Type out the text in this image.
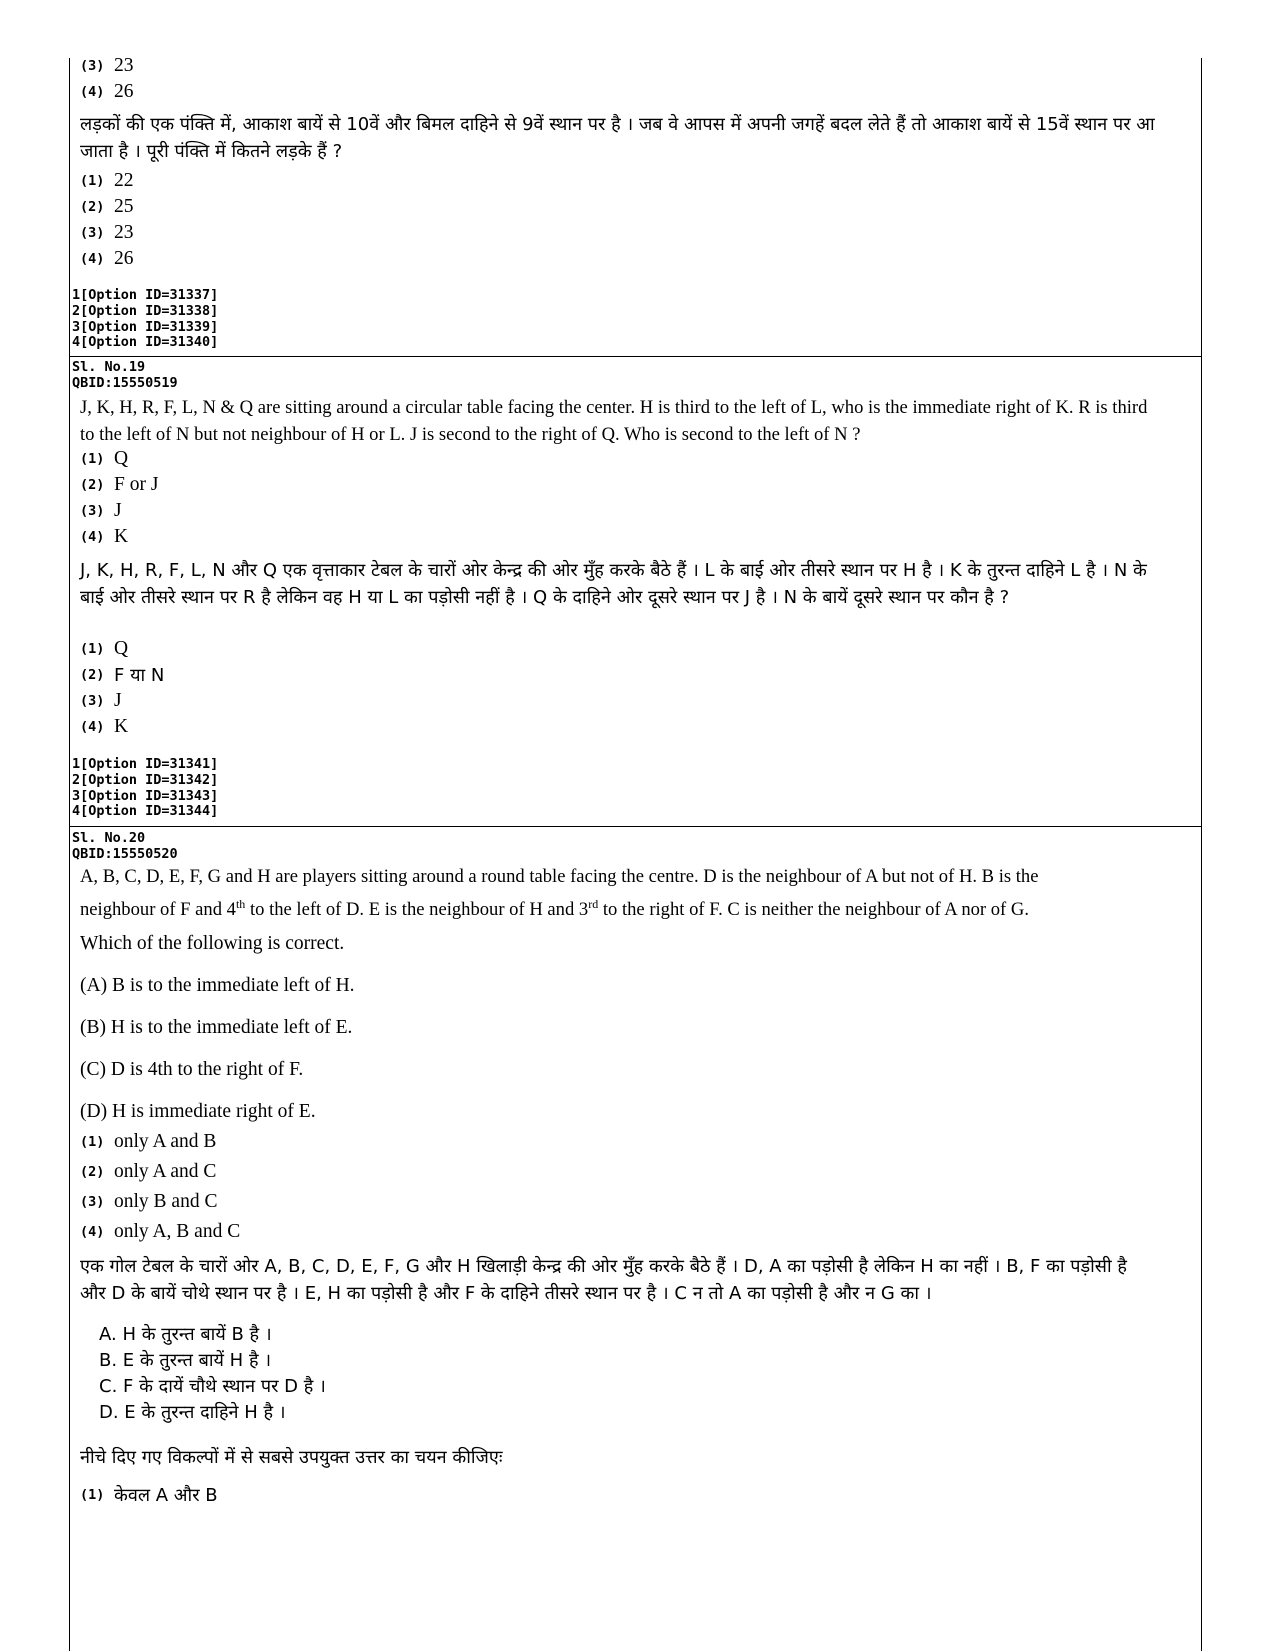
(3) 23
(4) 26

लड़कों की एक पंक्ति में, आकाश बायें से 10वें और बिमल दाहिने से 9वें स्थान पर है । जब वे आपस में अपनी जगहें बदल लेते हैं तो आकाश बायें से 15वें स्थान पर आ जाता है । पूरी पंक्ति में कितने लड़के हैं ?

(1) 22
(2) 25
(3) 23
(4) 26
1[Option ID=31337]
2[Option ID=31338]
3[Option ID=31339]
4[Option ID=31340]
Sl. No.19
QBID:15550519

J, K, H, R, F, L, N & Q are sitting around a circular table facing the center. H is third to the left of L, who is the immediate right of K. R is third to the left of N but not neighbour of H or L. J is second to the right of Q. Who is second to the left of N ?

(1) Q
(2) F or J
(3) J
(4) K

J, K, H, R, F, L, N और Q एक वृत्ताकार टेबल के चारों ओर केन्द्र की ओर मुँह करके बैठे हैं । L के बाई ओर तीसरे स्थान पर H है । K के तुरन्त दाहिने L है । N के बाई ओर तीसरे स्थान पर R है लेकिन वह H या L का पड़ोसी नहीं है । Q के दाहिने ओर दूसरे स्थान पर J है । N के बायें दूसरे स्थान पर कौन है ?

(1) Q
(2) F या N
(3) J
(4) K
1[Option ID=31341]
2[Option ID=31342]
3[Option ID=31343]
4[Option ID=31344]
Sl. No.20
QBID:15550520
A, B, C, D, E, F, G and H are players sitting around a round table facing the centre. D is the neighbour of A but not of H. B is the
neighbour of F and 4th to the left of D. E is the neighbour of H and 3rd to the right of F. C is neither the neighbour of A nor of G.
Which of the following is correct.
(A) B is to the immediate left of H.
(B) H is to the immediate left of E.
(C) D is 4th to the right of F.
(D) H is immediate right of E.
(1) only A and B
(2) only A and C
(3) only B and C
(4) only A, B and C

एक गोल टेबल के चारों ओर A, B, C, D, E, F, G और H खिलाड़ी केन्द्र की ओर मुँह करके बैठे हैं । D, A का पड़ोसी है लेकिन H का नहीं । B, F का पड़ोसी है और D के बायें चोथे स्थान पर है । E, H का पड़ोसी है और F के दाहिने तीसरे स्थान पर है । C न तो A का पड़ोसी है और न G का ।

A. H के तुरन्त बायें B है ।
B. E के तुरन्त बायें H है ।
C. F के दायें चौथे स्थान पर D है ।
D. E के तुरन्त दाहिने H है ।
नीचे दिए गए विकल्पों में से सबसे उपयुक्त उत्तर का चयन कीजिएः
(1) केवल A और B
